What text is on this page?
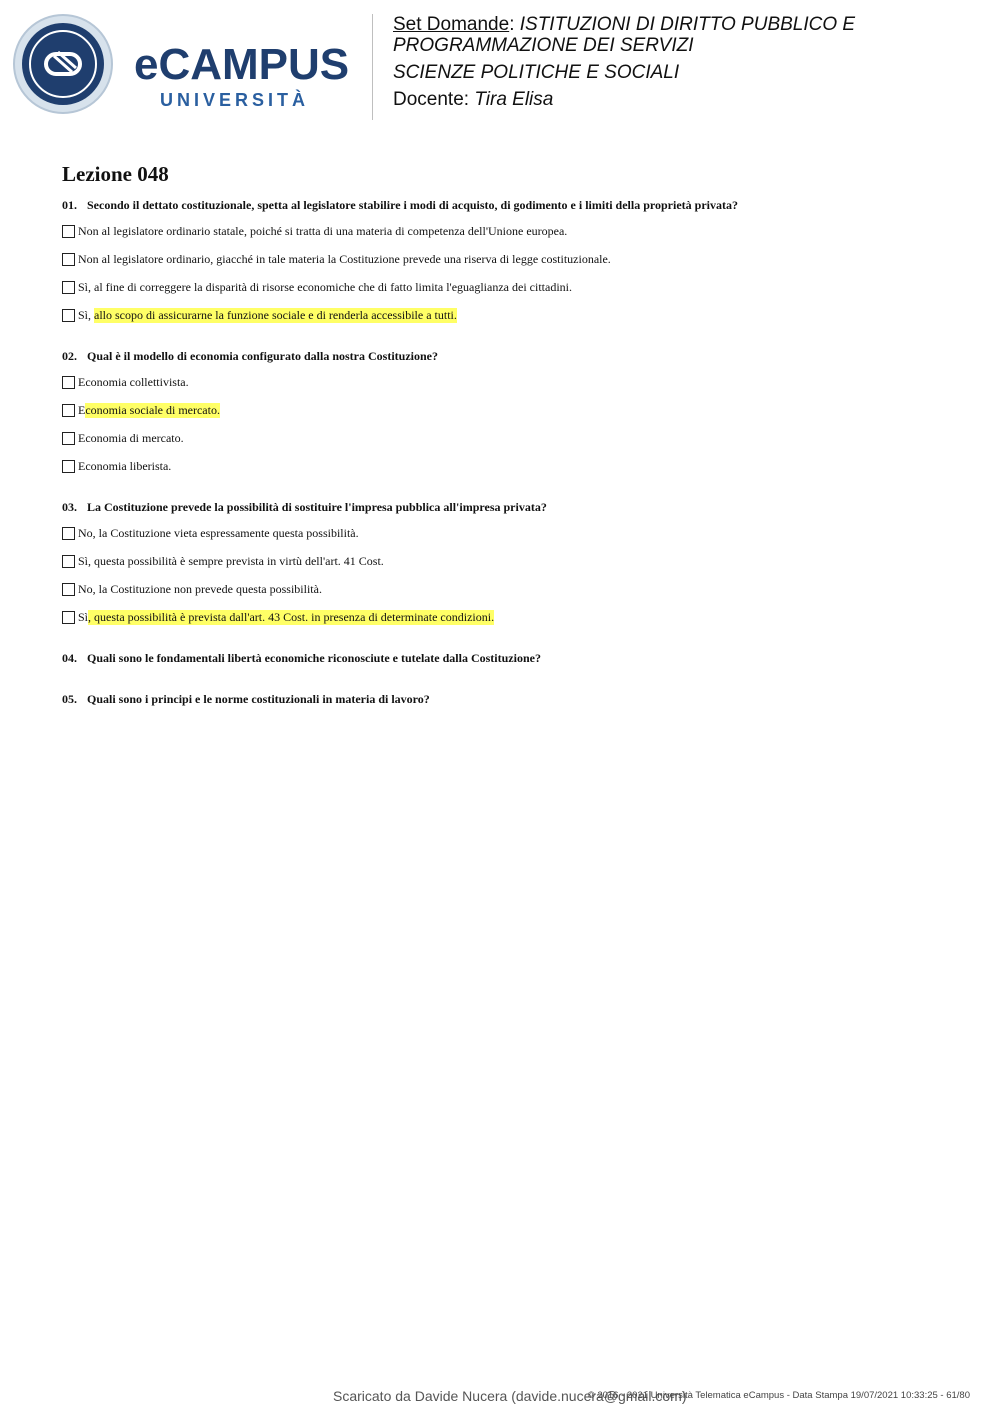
eCAMPUS
UNIVERSITÀ

Set Domande: ISTITUZIONI DI DIRITTO PUBBLICO E

PROGRAMMAZIONE DEI SERVIZI

SCIENZE POLITICHE E SOCIALI

Docente: Tira Elisa

Lezione 048

01. Secondo il dettato costituzionale, spetta al legislatore stabilire i modi di acquisto, di godimento e i limiti della proprietà privata?

Non al legislatore ordinario statale, poiché si tratta di una materia di competenza dell'Unione europea.
Non al legislatore ordinario, giacché in tale materia la Costituzione prevede una riserva di legge costituzionale.
Sì, al fine di correggere la disparità di risorse economiche che di fatto limita l'eguaglianza dei cittadini.
Sì, allo scopo di assicurarne la funzione sociale e di renderla accessibile a tutti.

02. Qual è il modello di economia configurato dalla nostra Costituzione?

Economia collettivista.
E conomia sociale di mercato.
Economia di mercato.
Economia liberista.

03. La Costituzione prevede la possibilità di sostituire l'impresa pubblica all'impresa privata?

No, la Costituzione vieta espressamente questa possibilità.
Sì, questa possibilità è sempre prevista in virtù dell'art. 41 Cost.
No, la Costituzione non prevede questa possibilità.
Sì , questa possibilità è prevista dall'art. 43 Cost. in presenza di determinate condizioni.

04. Quali sono le fondamentali libertà economiche riconosciute e tutelate dalla Costituzione?

05. Quali sono i principi e le norme costituzionali in materia di lavoro?

Scaricato da Davide Nucera (davide.nucera@gmail.com)
© 2016 - 2021 Università Telematica eCampus - Data Stampa 19/07/2021 10:33:25 - 61/80
